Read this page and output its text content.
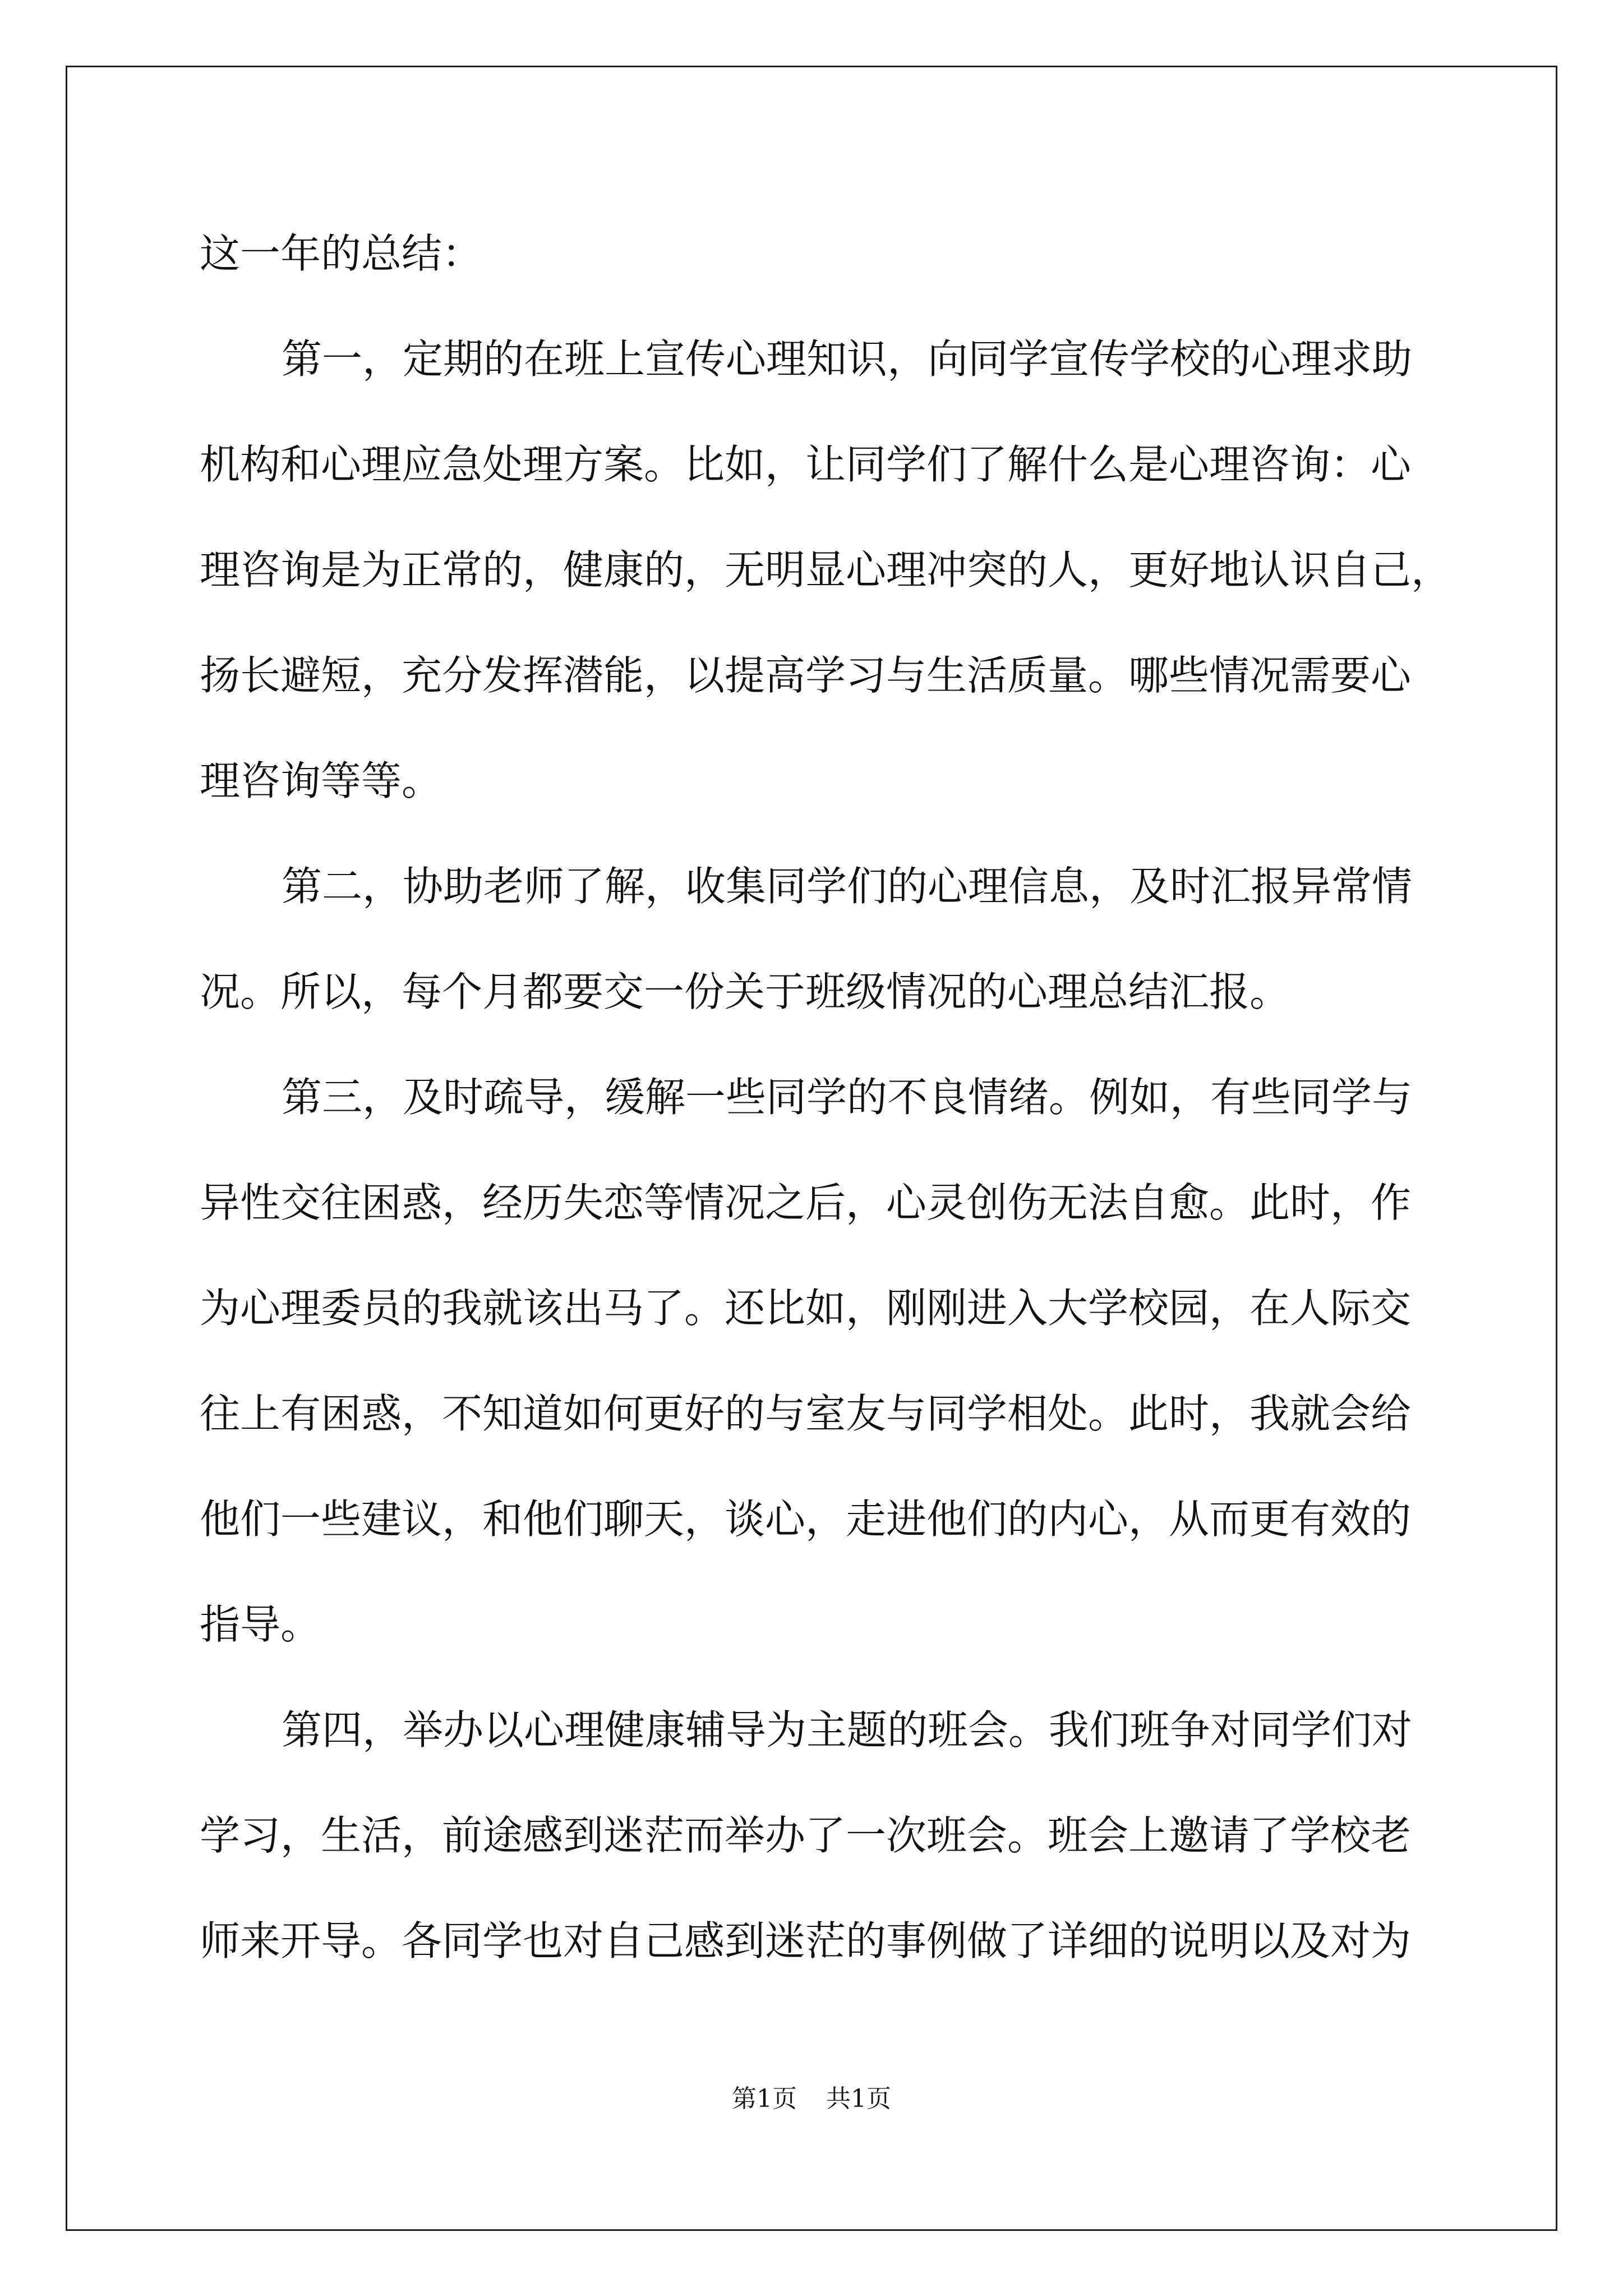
这一年的总结：
第一，定期的在班上宣传心理知识，向同学宣传学校的心理求助
机构和心理应急处理方案。比如，让同学们了解什么是心理咨询：心
理咨询是为正常的，健康的，无明显心理冲突的人，更好地认识自己，
扬长避短，充分发挥潜能，以提高学习与生活质量。哪些情况需要心
理咨询等等。
第二，协助老师了解，收集同学们的心理信息，及时汇报异常情
况。所以，每个月都要交一份关于班级情况的心理总结汇报。
第三，及时疏导，缓解一些同学的不良情绪。例如，有些同学与
异性交往困惑，经历失恋等情况之后，心灵创伤无法自愈。此时，作
为心理委员的我就该出马了。还比如，刚刚进入大学校园，在人际交
往上有困惑，不知道如何更好的与室友与同学相处。此时，我就会给
他们一些建议，和他们聊天，谈心，走进他们的内心，从而更有效的
指导。
第四，举办以心理健康辅导为主题的班会。我们班争对同学们对
学习，生活，前途感到迷茫而举办了一次班会。班会上邀请了学校老
师来开导。各同学也对自己感到迷茫的事例做了详细的说明以及对为
第1页 共1页
